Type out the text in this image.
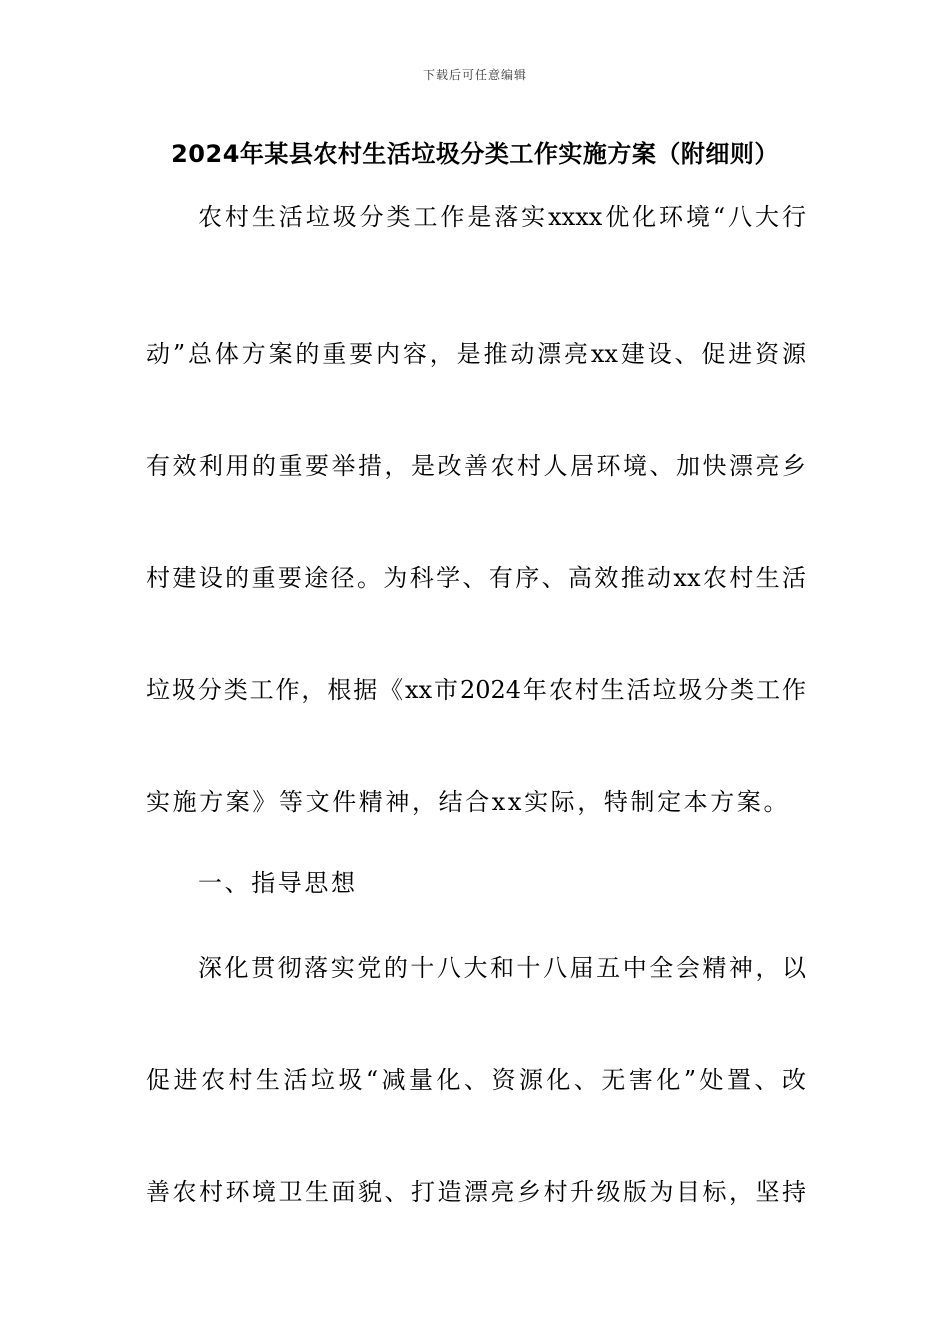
下载后可任意编辑
2024年某县农村生活垃圾分类工作实施方案（附细则）
农村生活垃圾分类工作是落实xxxx优化环境“八大行
动”总体方案的重要内容，是推动漂亮xx建设、促进资源
有效利用的重要举措，是改善农村人居环境、加快漂亮乡
村建设的重要途径。为科学、有序、高效推动xx农村生活
垃圾分类工作，根据《xx市2024年农村生活垃圾分类工作
实施方案》等文件精神，结合xx实际，特制定本方案。
一、指导思想
深化贯彻落实党的十八大和十八届五中全会精神，以
促进农村生活垃圾“减量化、资源化、无害化”处置、改
善农村环境卫生面貌、打造漂亮乡村升级版为目标，坚持
